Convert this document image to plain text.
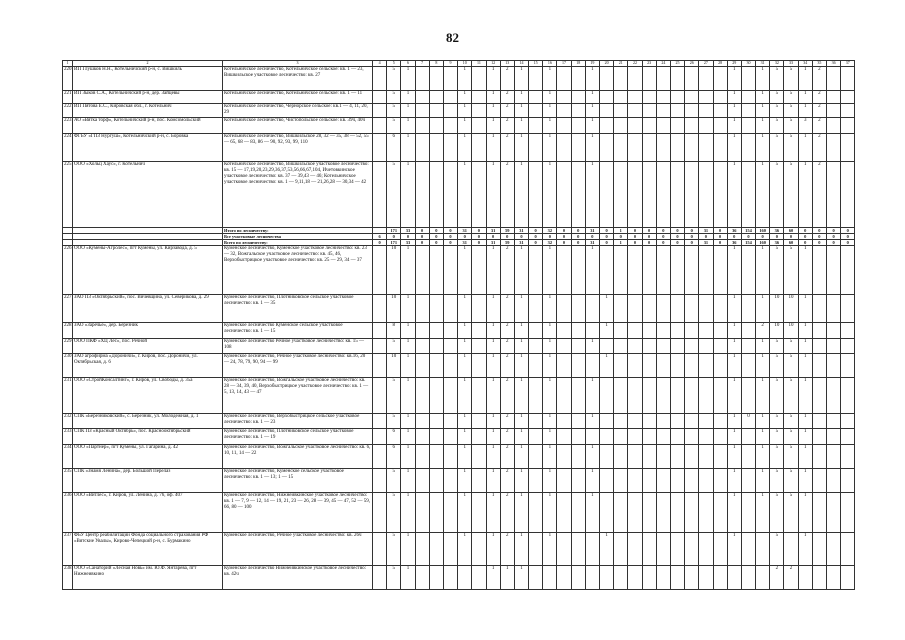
82
1	2	3	4	5	6	7	8	9	10	11	12	13	14	15	16	17	18	19	20	21	22	23	24	25	26	27	28	29	30	31	32	33	34	35	36	37	
220	ИП Глушков Н.Н., Котельничский р-н, с. Вишкиль	Котельничское лесничество, Котельничское сельское: кв. 1 — 23, Вишкильское участковое лесничество: кв. 27		5	1				1		1	2	1		1			1										1		1	5	5	1	2					
221	ИП Зыков С.А., Котельничский р-н, дер. Зайцевы	Котельничское лесничество, Котельничское сельское: кв. 1 — 11		5	1				1		1	2	1		1			1										1		1	5	5	1	2					
222	ИП Пятова Е.С., Кировская обл., г. Котельнич	Котельничское лесничество, Чернорское сельское: кв.1 — 4, 11, 20, 29		5	1				1		1	2	1		1			1										1		1	5	5	1	2					
223	АО «Вятка торф», Котельничский р-н, пос. Комсомольский	Котельничское лесничество, Чистопольское сельское: кв. 39ч, 40ч		5	1				1		1	2	1		1			1										1		1	5	5	3	2					
224	ФГБУ «ГПЗ Нургуш», Котельничский р-н, с. Боровка	Котельничское лесничество, Вишкильское 28, 32 — 35, 38 — 52, 55 — 65, 68 — 83, 86 — 90, 92, 93, 99, 110		6	1				1		1	2	1		1			1										1		1	5	5	1	2					
225	ООО «Хольц Хаус», г. Котельнич	Котельничское лесничество, Вишкильское участковое лесничество: кв. 15 — 17,19,20,23,29,36,37,53,56,66,67,104, Ичетовкинское участковое лесничество: кв. 37 — 39,43 — 46; Котельничское участковое лесничество: кв. 1 — 9,11,18 — 21,26,28 — 30,34 — 42		5	1				1		1	2	1		1			1										1		1	5	5	1	2					
		Итого по лесничеству:		171	33	0	0	0	31	0	31	59	31	0	32	0	0	31	0	1	0	0	0	0	0	31	0	36	154	160	36	60	0	0	0	0	
		Все участковые лесничества	6	0	0	0	0	0	0	0	0	0	0	0	0	0	0	0	0	0	0	0	0	0	0	0	0	0	0	0	0	0	0	0	0	0	
		Всего по лесничеству:	0	171	33	0	0	0	31	0	31	59	31	0	32	0	0	31	0	1	0	0	0	0	0	31	0	36	154	160	36	60	0	0	0	0	
226	ООО «Кумёны-Агролес», пгт Кумёны, ул. Кирзавода, д. 5	Кумёнское лесничество, Кумёнское участковое лесничество: кв. 23 — 32, Вожгальское участковое лесничество: кв. 45, 46, Верхобыстрицкое участковое лесничество: кв. 25 — 29, 34 — 37		10	1				1		1	2	1		1			1										1		1	5	5	1						
227	ЗАО ПЗ «Октябрьский», пос. Вичевщина, ул. Северикова, д. 29	Кумёнское лесничество, Плотниковское сельское участковое лесничество: кв. 1 — 35		10	1				1		1	2	1		1				1									1		1	10	10	1						
228	ЗАО «Заречье», дер. Березник	Кумёнское лесничество Кумёнское сельское участковое лесничество: кв. 1 — 15		8	1				1		1	2	1		1				1									1		2	10	10	1						
229	ООО ПКФ «ХЦ Лес», пос. Речной	Кумёнское лесничество Речное участковое лесничество: кв. 15 — 108		5	1				1		1	2	1		1			1										1		1	5	5	1						
230	ЗАО агрофирма «Дороничи», г. Киров, пос. Дороничи, ул. Октябрьская, д. 6	Кумёнское лесничество, Речное участковое лесничество: кв.16, 20 — 24, 78, 79, 90, 94 — 99		10	1				1		1	2	1		1				1									1		1	5	5	1						
231	ООО «СтройКонсалтинг», г. Киров, ул. Свободы, д. 35а	Кумёнское лесничество, Вожгальское участковое лесничество: кв. 28 — 34, 39, 40, Верхобыстрицкое участковое лесничество: кв. 1 — 5, 13, 14, 43 — 47		5	1				1		1	2	1		1			1										1		1	5	5	1						
232	СПК «Березниковский», с. Березник, ул. Молодежная, д. 1	Кумёнское лесничество, Верхобыстрицкое сельское участковое лесничество: кв. 1 — 23		5	1				1		1	2	1		1			1										1	0	1	5	5	1						
233	СПК ПЗ «Красный Октябрь», пос. Краснооктябрьский	Кумёнское лесничество, Плотниковское сельское участковое лесничество: кв. 1 — 19		6	1				1		1	2	1		1													1		1	5	5	1						
234	ООО «Партнер», пгт Кумёны, ул. Гагарина, д. 42	Кумёнское лесничество, Вожгальское участковое лесничество: кв. 6, 10, 11, 14 — 22		6	1				1		1	2	1		1			1										1		1	5	5	1						
235	СПК «Знамя Ленина», дер. Большой Перелаз	Кумёнское лесничество, Кумёнское сельское участковое лесничество: кв. 1 — 13; 1 — 15		5	1				1		1	2	1		1			1										1		1	5	5	1						
236	ООО «Витлес», г. Киров, ул. Ленина, д. 76, оф. 407	Кумёнское лесничество, Нижнеивкинское участковое лесничество: кв. 1 — 7, 9 — 12, 14 — 19, 21, 23 — 26, 28 — 39, 45 — 47, 52 — 59, 66, 80 — 100		5	1				1		1	2	1		1			1										1		1	5	5	1						
237	ФБУ Центр реабилитации Фонда социального страхования РФ «Вятские Увалы», Кирово-Чепецкий р-н, с. Бурмакино	Кумёнское лесничество, Речное участковое лесничество: кв. 26ч		5	1				1		1	2	1		1				1									1			5		1						
238	ООО «Санаторий «Лесная Новь» им. Ю.Ф. Янтарева, пгт Нижнеивкино	Кумёнское лесничество Нижнеивкинское участковое лесничество: кв. 42ч		5	1						1	1	1																		2	2							
